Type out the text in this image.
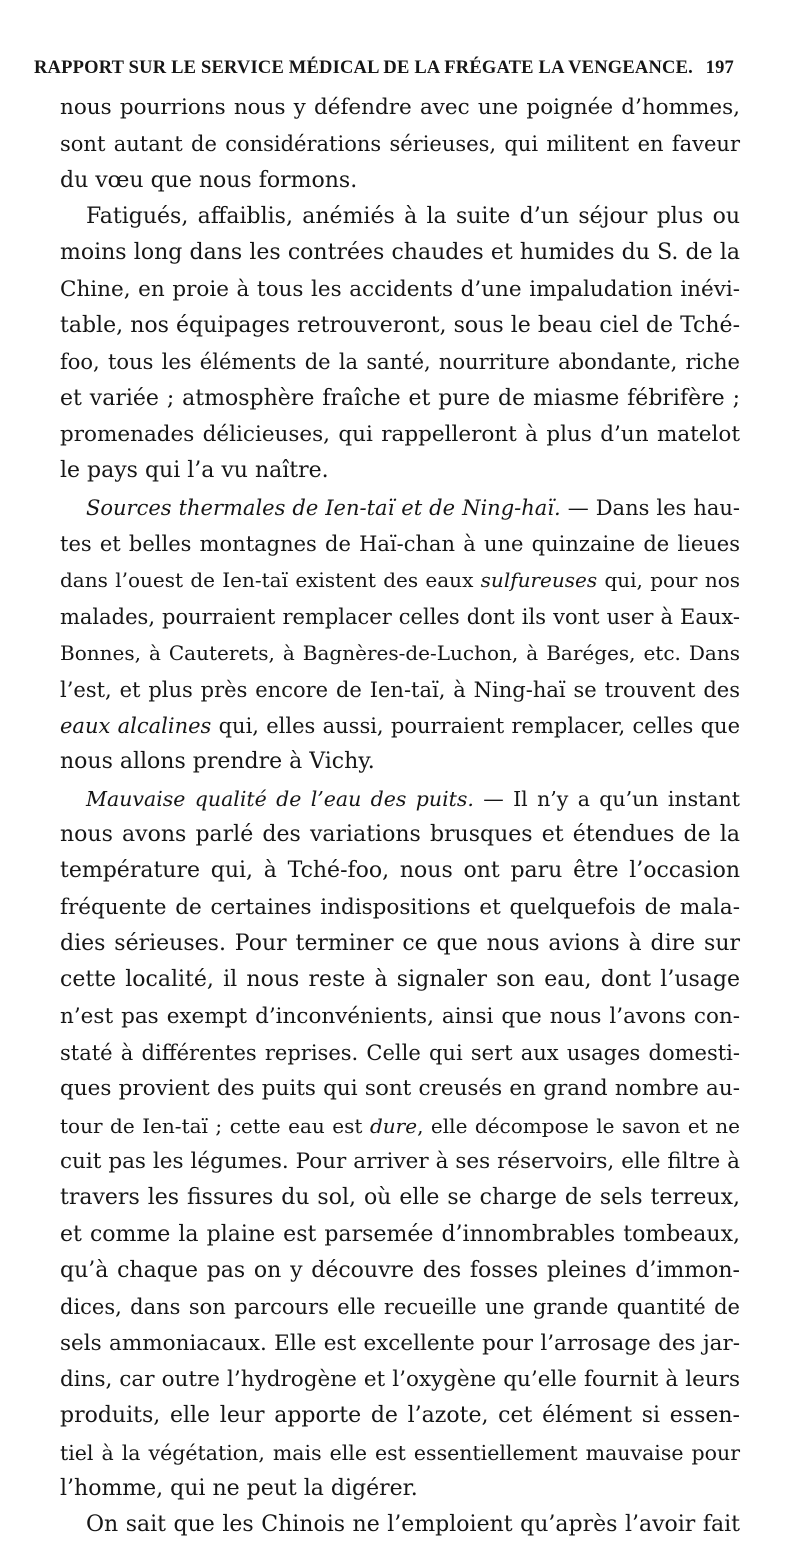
RAPPORT SUR LE SERVICE MÉDICAL DE LA FRÉGATE LA VENGEANCE. 197
nous pourrions nous y défendre avec une poignée d’hommes,
sont autant de considérations sérieuses, qui militent en faveur
du vœu que nous formons.
Fatigués, affaiblis, anémiés à la suite d’un séjour plus ou
moins long dans les contrées chaudes et humides du S. de la
Chine, en proie à tous les accidents d’une impaludation inévi-
table, nos équipages retrouveront, sous le beau ciel de Tché-
foo, tous les éléments de la santé, nourriture abondante, riche
et variée ; atmosphère fraîche et pure de miasme fébrifère ;
promenades délicieuses, qui rappelleront à plus d’un matelot
le pays qui l’a vu naître.
Sources thermales de Ien-taï et de Ning-haï. — Dans les hau-
tes et belles montagnes de Haï-chan à une quinzaine de lieues
dans l’ouest de Ien-taï existent des eaux sulfureuses qui, pour nos
malades, pourraient remplacer celles dont ils vont user à Eaux-
Bonnes, à Cauterets, à Bagnères-de-Luchon, à Baréges, etc. Dans
l’est, et plus près encore de Ien-taï, à Ning-haï se trouvent des
eaux alcalines qui, elles aussi, pourraient remplacer, celles que
nous allons prendre à Vichy.
Mauvaise qualité de l’eau des puits. — Il n’y a qu’un instant
nous avons parlé des variations brusques et étendues de la
température qui, à Tché-foo, nous ont paru être l’occasion
fréquente de certaines indispositions et quelquefois de mala-
dies sérieuses. Pour terminer ce que nous avions à dire sur
cette localité, il nous reste à signaler son eau, dont l’usage
n’est pas exempt d’inconvénients, ainsi que nous l’avons con-
staté à différentes reprises. Celle qui sert aux usages domesti-
ques provient des puits qui sont creusés en grand nombre au-
tour de Ien-taï ; cette eau est dure, elle décompose le savon et ne
cuit pas les légumes. Pour arriver à ses réservoirs, elle filtre à
travers les fissures du sol, où elle se charge de sels terreux,
et comme la plaine est parsemée d’innombrables tombeaux,
qu’à chaque pas on y découvre des fosses pleines d’immon-
dices, dans son parcours elle recueille une grande quantité de
sels ammoniacaux. Elle est excellente pour l’arrosage des jar-
dins, car outre l’hydrogène et l’oxygène qu’elle fournit à leurs
produits, elle leur apporte de l’azote, cet élément si essen-
tiel à la végétation, mais elle est essentiellement mauvaise pour
l’homme, qui ne peut la digérer.
On sait que les Chinois ne l’emploient qu’après l’avoir fait
